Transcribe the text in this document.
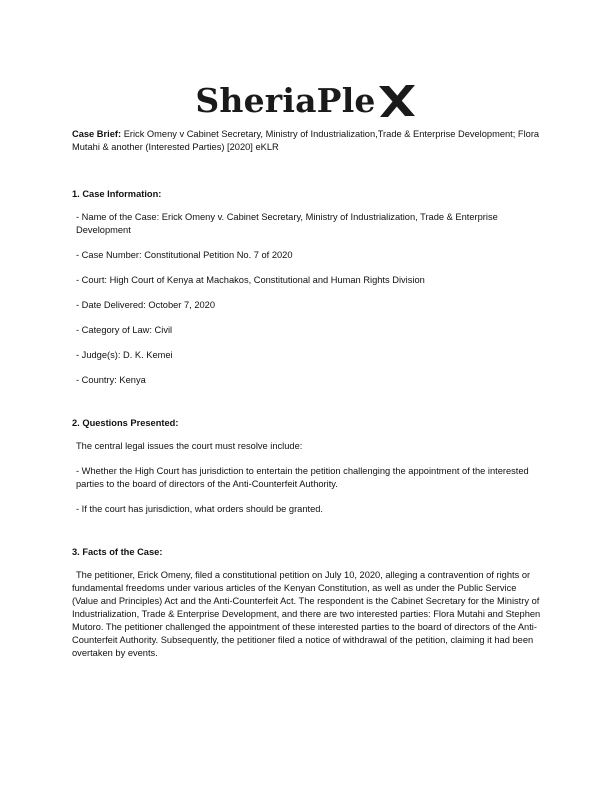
SheriaPle

Case Brief: Erick Omeny v Cabinet Secretary, Ministry of Industrialization,Trade & Enterprise Development; Flora Mutahi & another (Interested Parties) [2020] eKLR

1. Case Information:

- Name of the Case: Erick Omeny v. Cabinet Secretary, Ministry of Industrialization, Trade & Enterprise Development

- Case Number: Constitutional Petition No. 7 of 2020

- Court: High Court of Kenya at Machakos, Constitutional and Human Rights Division

- Date Delivered: October 7, 2020

- Category of Law: Civil

- Judge(s): D. K. Kemei

- Country: Kenya

2. Questions Presented:

The central legal issues the court must resolve include:

- Whether the High Court has jurisdiction to entertain the petition challenging the appointment of the interested parties to the board of directors of the Anti-Counterfeit Authority.

- If the court has jurisdiction, what orders should be granted.

3. Facts of the Case:

The petitioner, Erick Omeny, filed a constitutional petition on July 10, 2020, alleging a contravention of rights or fundamental freedoms under various articles of the Kenyan Constitution, as well as under the Public Service (Value and Principles) Act and the Anti-Counterfeit Act. The respondent is the Cabinet Secretary for the Ministry of Industrialization, Trade & Enterprise Development, and there are two interested parties: Flora Mutahi and Stephen Mutoro. The petitioner challenged the appointment of these interested parties to the board of directors of the Anti-Counterfeit Authority. Subsequently, the petitioner filed a notice of withdrawal of the petition, claiming it had been overtaken by events.
